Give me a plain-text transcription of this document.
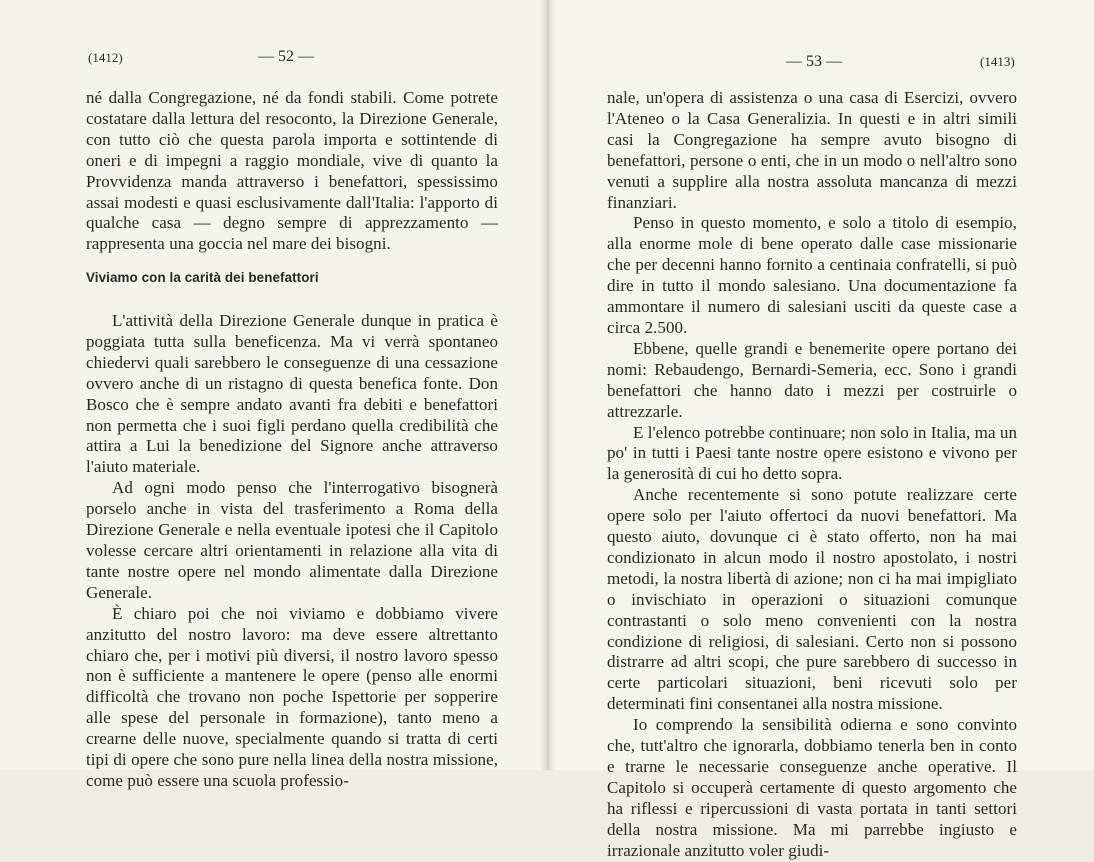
(1412)	— 52 —

né dalla Congregazione, né da fondi stabili. Come potrete costatare dalla lettura del resoconto, la Direzione Generale, con tutto ciò che questa parola importa e sottintende di oneri e di impegni a raggio mondiale, vive di quanto la Provvidenza manda attraverso i benefattori, spessissimo assai modesti e quasi esclusivamente dall'Italia: l'apporto di qualche casa — degno sempre di apprezzamento — rappresenta una goccia nel mare dei bisogni.

Viviamo con la carità dei benefattori

L'attività della Direzione Generale dunque in pratica è poggiata tutta sulla beneficenza. Ma vi verrà spontaneo chiedervi quali sarebbero le conseguenze di una cessazione ovvero anche di un ristagno di questa benefica fonte. Don Bosco che è sempre andato avanti fra debiti e benefattori non permetta che i suoi figli perdano quella credibilità che attira a Lui la benedizione del Signore anche attraverso l'aiuto materiale.

Ad ogni modo penso che l'interrogativo bisognerà porselo anche in vista del trasferimento a Roma della Direzione Generale e nella eventuale ipotesi che il Capitolo volesse cercare altri orientamenti in relazione alla vita di tante nostre opere nel mondo alimentate dalla Direzione Generale.

È chiaro poi che noi viviamo e dobbiamo vivere anzitutto del nostro lavoro: ma deve essere altrettanto chiaro che, per i motivi più diversi, il nostro lavoro spesso non è sufficiente a mantenere le opere (penso alle enormi difficoltà che trovano non poche Ispettorie per sopperire alle spese del personale in formazione), tanto meno a crearne delle nuove, specialmente quando si tratta di certi tipi di opere che sono pure nella linea della nostra missione, come può essere una scuola professio-

— 53 —	(1413)

nale, un'opera di assistenza o una casa di Esercizi, ovvero l'Ateneo o la Casa Generalizia. In questi e in altri simili casi la Congregazione ha sempre avuto bisogno di benefattori, persone o enti, che in un modo o nell'altro sono venuti a supplire alla nostra assoluta mancanza di mezzi finanziari.

Penso in questo momento, e solo a titolo di esempio, alla enorme mole di bene operato dalle case missionarie che per decenni hanno fornito a centinaia confratelli, si può dire in tutto il mondo salesiano. Una documentazione fa ammontare il numero di salesiani usciti da queste case a circa 2.500.

Ebbene, quelle grandi e benemerite opere portano dei nomi: Rebaudengo, Bernardi-Semeria, ecc. Sono i grandi benefattori che hanno dato i mezzi per costruirle o attrezzarle.

E l'elenco potrebbe continuare; non solo in Italia, ma un po' in tutti i Paesi tante nostre opere esistono e vivono per la generosità di cui ho detto sopra.

Anche recentemente si sono potute realizzare certe opere solo per l'aiuto offertoci da nuovi benefattori. Ma questo aiuto, dovunque ci è stato offerto, non ha mai condizionato in alcun modo il nostro apostolato, i nostri metodi, la nostra libertà di azione; non ci ha mai impigliato o invischiato in operazioni o situazioni comunque contrastanti o solo meno convenienti con la nostra condizione di religiosi, di salesiani. Certo non si possono distrarre ad altri scopi, che pure sarebbero di successo in certe particolari situazioni, beni ricevuti solo per determinati fini consentanei alla nostra missione.

Io comprendo la sensibilità odierna e sono convinto che, tutt'altro che ignorarla, dobbiamo tenerla ben in conto e trarne le necessarie conseguenze anche operative. Il Capitolo si occuperà certamente di questo argomento che ha riflessi e ripercussioni di vasta portata in tanti settori della nostra missione. Ma mi parrebbe ingiusto e irrazionale anzitutto voler giudi-
